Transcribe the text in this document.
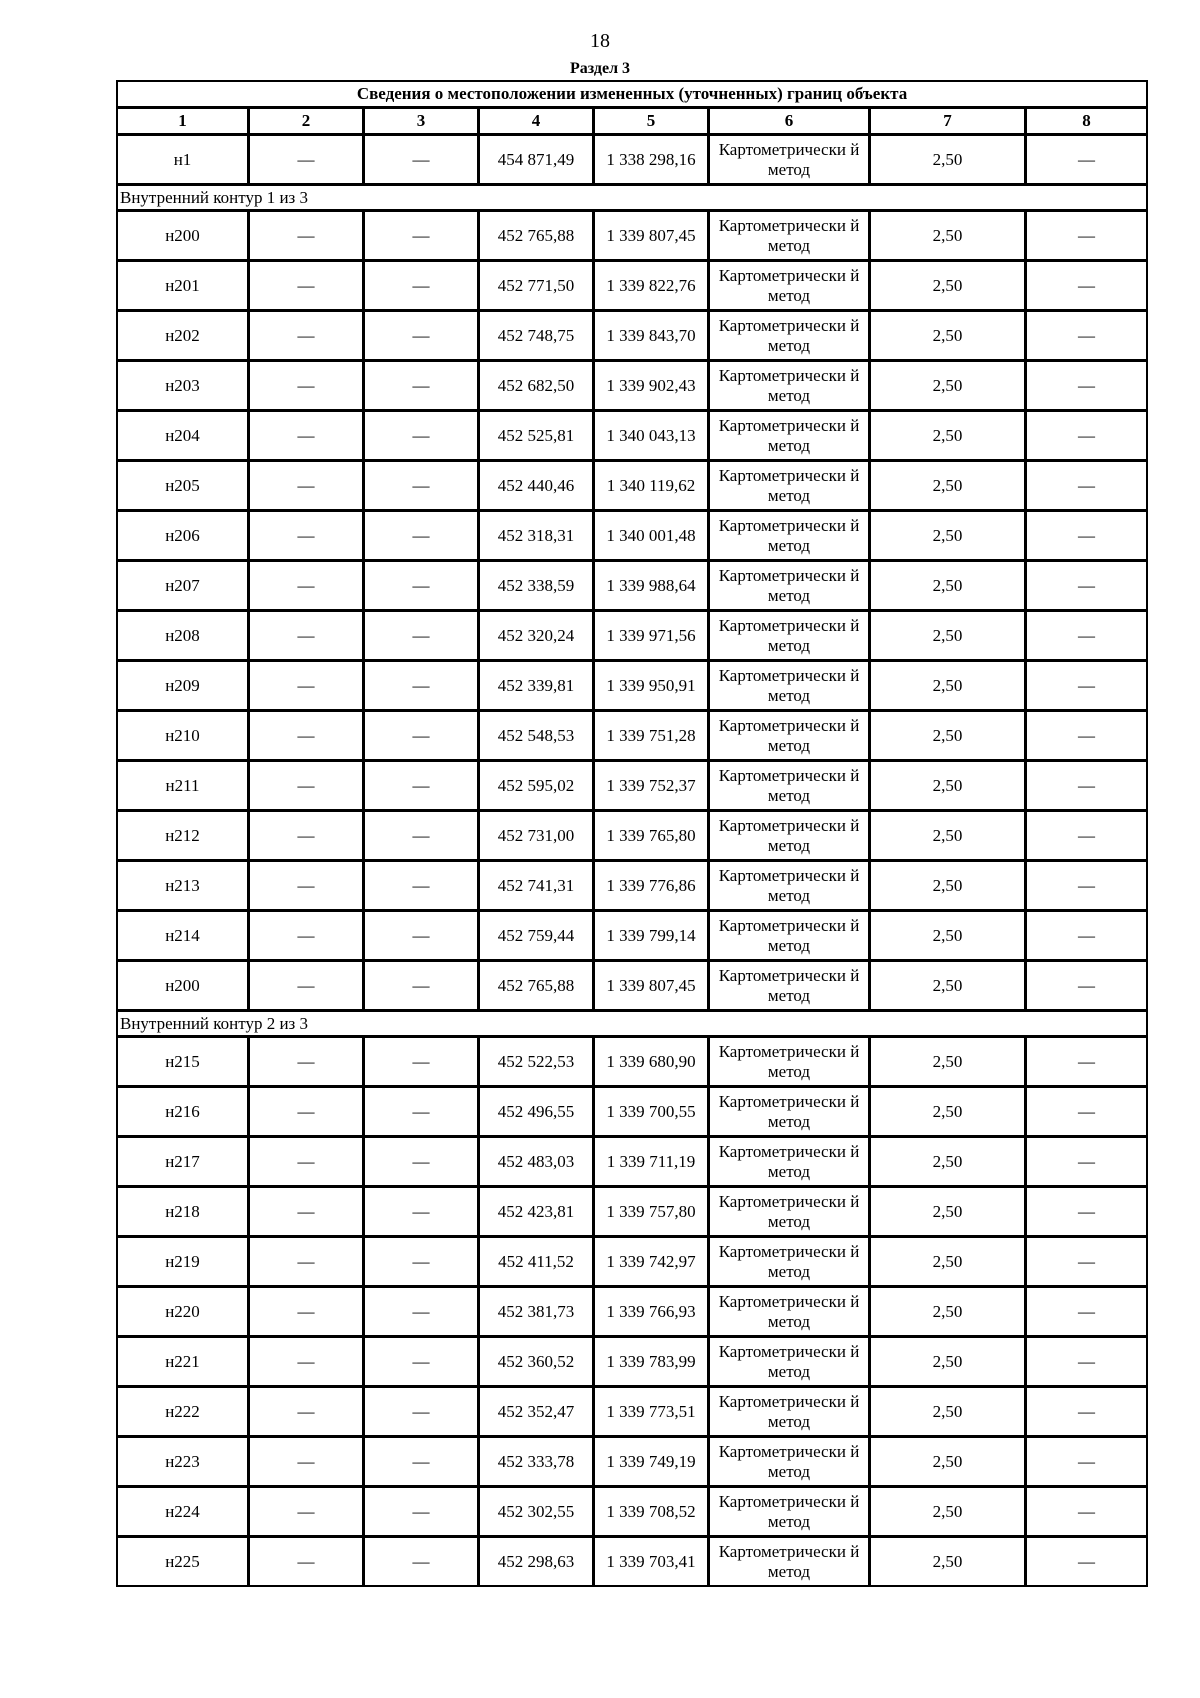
18
Раздел 3
Сведения о местоположении измененных (уточненных) границ объекта							
1	2	3	4	5	6	7	8
н1	—	—	454 871,49	1 338 298,16	Картометрически й метод	2,50	—
Внутренний контур 1 из 3							
н200	—	—	452 765,88	1 339 807,45	Картометрически й метод	2,50	—
н201	—	—	452 771,50	1 339 822,76	Картометрически й метод	2,50	—
н202	—	—	452 748,75	1 339 843,70	Картометрически й метод	2,50	—
н203	—	—	452 682,50	1 339 902,43	Картометрически й метод	2,50	—
н204	—	—	452 525,81	1 340 043,13	Картометрически й метод	2,50	—
н205	—	—	452 440,46	1 340 119,62	Картометрически й метод	2,50	—
н206	—	—	452 318,31	1 340 001,48	Картометрически й метод	2,50	—
н207	—	—	452 338,59	1 339 988,64	Картометрически й метод	2,50	—
н208	—	—	452 320,24	1 339 971,56	Картометрически й метод	2,50	—
н209	—	—	452 339,81	1 339 950,91	Картометрически й метод	2,50	—
н210	—	—	452 548,53	1 339 751,28	Картометрически й метод	2,50	—
н211	—	—	452 595,02	1 339 752,37	Картометрически й метод	2,50	—
н212	—	—	452 731,00	1 339 765,80	Картометрически й метод	2,50	—
н213	—	—	452 741,31	1 339 776,86	Картометрически й метод	2,50	—
н214	—	—	452 759,44	1 339 799,14	Картометрически й метод	2,50	—
н200	—	—	452 765,88	1 339 807,45	Картометрически й метод	2,50	—
Внутренний контур 2 из 3							
н215	—	—	452 522,53	1 339 680,90	Картометрически й метод	2,50	—
н216	—	—	452 496,55	1 339 700,55	Картометрически й метод	2,50	—
н217	—	—	452 483,03	1 339 711,19	Картометрически й метод	2,50	—
н218	—	—	452 423,81	1 339 757,80	Картометрически й метод	2,50	—
н219	—	—	452 411,52	1 339 742,97	Картометрически й метод	2,50	—
н220	—	—	452 381,73	1 339 766,93	Картометрически й метод	2,50	—
н221	—	—	452 360,52	1 339 783,99	Картометрически й метод	2,50	—
н222	—	—	452 352,47	1 339 773,51	Картометрически й метод	2,50	—
н223	—	—	452 333,78	1 339 749,19	Картометрически й метод	2,50	—
н224	—	—	452 302,55	1 339 708,52	Картометрически й метод	2,50	—
н225	—	—	452 298,63	1 339 703,41	Картометрически й метод	2,50	—
